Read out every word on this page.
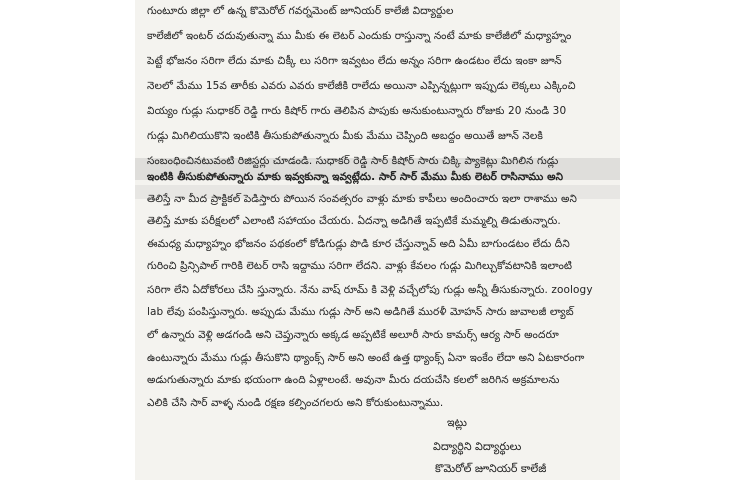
గుంటూరు జిల్లా లో ఉన్న కొమెరోల్ గవర్నమెంట్ జూనియర్ కాలేజీ విద్యార్థుల
కాలేజీలో ఇంటర్ చదువుతున్నా ము మీకు ఈ లెటర్ ఎందుకు రాస్తున్నా నంటే మాకు కాలేజీలో మధ్యాహ్నం
పెట్టే భోజనం సరిగా లేదు మాకు చిక్కీ లు సరిగా ఇవ్వటం లేదు అన్నం సరిగా ఉండటం లేదు ఇంకా జూన్
నెలలో మేము 15వ తారీకు ఎవరు ఎవరు కాలేజీకి రాలేదు అయినా ఎప్పిన్నట్లుగా ఇప్పుడు లెక్కలు ఎక్కించి
వియ్యం గుడ్లు సుధాకర్ రెడ్డి గారు కిషోర్ గారు తెలిపిన పాపుకు అనుకుంటున్నారు రోజుకు 20 నుండి 30
గుడ్లు మిగిలియుకొని ఇంటికి తీసుకుపోతున్నారు మీకు మేము చెప్పింది అబద్ధం అయితే జూన్ నెలకి
సంబంధించినటువంటి రిజిస్టర్లు చూడండి. సుధాకర్ రెడ్డి సార్ కిషోర్ సారు చిక్కి ప్యాకెట్లు మిగిలిన గుడ్లు
ఇంటికి తీసుకుపోతున్నారు మాకు ఇవ్వకున్నా ఇవ్వట్లేదు. సార్ సార్ మేము మీకు లెటర్ రాసినాము అని
తెలిస్తే నా మీద ప్రాక్టికల్ పెడిస్తారు పోయిన సంవత్సరం వాళ్లు మాకు కాపీలు అందించారు ఇలా రాశాము అని
తెలిస్తే మాకు పరీక్షలలో ఎలాంటి సహాయం చేయరు. ఏదన్నా అడిగితే ఇప్పటికే మమ్మల్ని తిడుతున్నారు.
ఈమధ్య మధ్యాహ్నం భోజనం పథకంలో కోడిగుడ్లు పొడి కూర చేస్తున్నావ్ అది ఏమీ బాగుండటం లేదు దీని
గురించి ప్రిన్సిపాల్ గారికి లెటర్ రాసి ఇద్దాము సరిగా లేదని. వాళ్లు కేవలం గుడ్లు మిగిల్చుకోవటానికి ఇలాంటి
సరిగా లేని ఏదోకోరలు చేసి స్తున్నారు. నేను వాష్ రూమ్ కి వెళ్లి వచ్చేలోపు గుడ్లు అన్నీ తీసుకున్నారు. zoology
lab లేవు పంపిస్తున్నారు. అప్పుడు మేము గుడ్లు సార్ అని అడిగితే మురళీ మోహన్ సారు జువాలజీ ల్యాబ్
లో ఉన్నారు వెళ్లి అడగండి అని చెప్తున్నారు అక్కడ అప్పటికే అలూరీ సారు కామర్స్ ఆర్య సార్ అందరూ
ఉంటున్నారు మేము గుడ్లు తీసుకొని థ్యాంక్స్ సార్ అని అంటే ఉత్త థ్యాంక్స్ ఏనా ఇంకేం లేదా అని ఏటకారంగా
అడుగుతున్నారు మాకు భయంగా ఉంది ఏళ్లాలంటే. అవునా మీరు దయచేసి కలలో జరిగిన అక్రమాలను
ఎలికి చేసి సార్ వాళ్ళ నుండి రక్షణ కల్పించగలరు అని కోరుకుంటున్నాము.
ఇట్లు
విద్యార్థిని విద్యార్థులు
కొమెరోల్ జూనియర్ కాలేజీ
